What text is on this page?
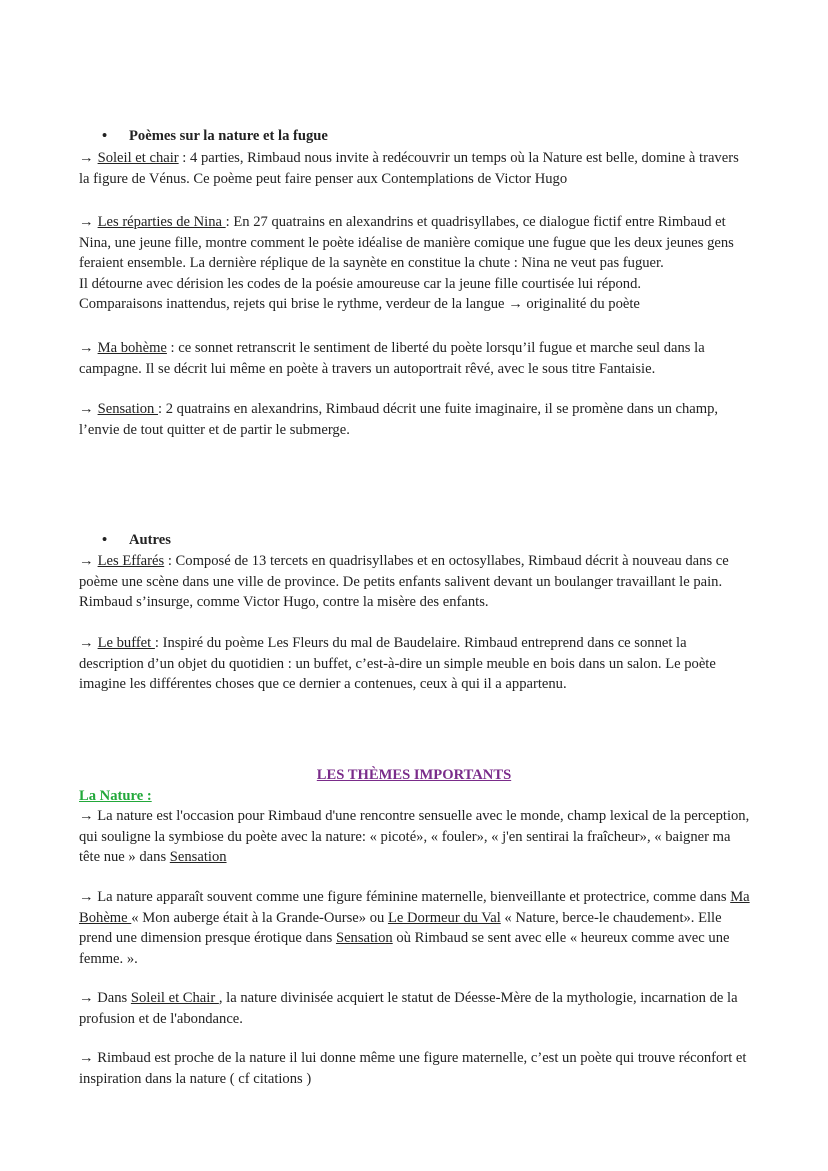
• Poèmes sur la nature et la fugue
→ Soleil et chair : 4 parties, Rimbaud nous invite à redécouvrir un temps où la Nature est belle, domine à travers la figure de Vénus. Ce poème peut faire penser aux Contemplations de Victor Hugo
→ Les réparties de Nina : En 27 quatrains en alexandrins et quadrisyllabes, ce dialogue fictif entre Rimbaud et Nina, une jeune fille, montre comment le poète idéalise de manière comique une fugue que les deux jeunes gens feraient ensemble. La dernière réplique de la saynète en constitue la chute : Nina ne veut pas fuguer.
Il détourne avec dérision les codes de la poésie amoureuse car la jeune fille courtisée lui répond.
Comparaisons inattendus, rejets qui brise le rythme, verdeur de la langue → originalité du poète
→ Ma bohème : ce sonnet retranscrit le sentiment de liberté du poète lorsqu’il fugue et marche seul dans la campagne. Il se décrit lui même en poète à travers un autoportrait rêvé, avec le sous titre Fantaisie.
→ Sensation : 2 quatrains en alexandrins, Rimbaud décrit une fuite imaginaire, il se promène dans un champ, l’envie de tout quitter et de partir le submerge.
• Autres
→ Les Effarés : Composé de 13 tercets en quadrisyllabes et en octosyllabes, Rimbaud décrit à nouveau dans ce poème une scène dans une ville de province. De petits enfants salivent devant un boulanger travaillant le pain. Rimbaud s’insurge, comme Victor Hugo, contre la misère des enfants.
→ Le buffet : Inspiré du poème Les Fleurs du mal de Baudelaire. Rimbaud entreprend dans ce sonnet la description d’un objet du quotidien : un buffet, c’est-à-dire un simple meuble en bois dans un salon. Le poète imagine les différentes choses que ce dernier a contenues, ceux à qui il a appartenu.
LES THÈMES IMPORTANTS
La Nature :
→ La nature est l'occasion pour Rimbaud d'une rencontre sensuelle avec le monde, champ lexical de la perception, qui souligne la symbiose du poète avec la nature: « picoté», « fouler», « j'en sentirai la fraîcheur», « baigner ma tête nue » dans Sensation
→ La nature apparaît souvent comme une figure féminine maternelle, bienveillante et protectrice, comme dans Ma Bohème « Mon auberge était à la Grande-Ourse» ou Le Dormeur du Val « Nature, berce-le chaudement». Elle prend une dimension presque érotique dans Sensation où Rimbaud se sent avec elle « heureux comme avec une femme. ».
→ Dans Soleil et Chair , la nature divinisée acquiert le statut de Déesse-Mère de la mythologie, incarnation de la profusion et de l'abondance.
→ Rimbaud est proche de la nature il lui donne même une figure maternelle, c’est un poète qui trouve réconfort et inspiration dans la nature ( cf citations )
